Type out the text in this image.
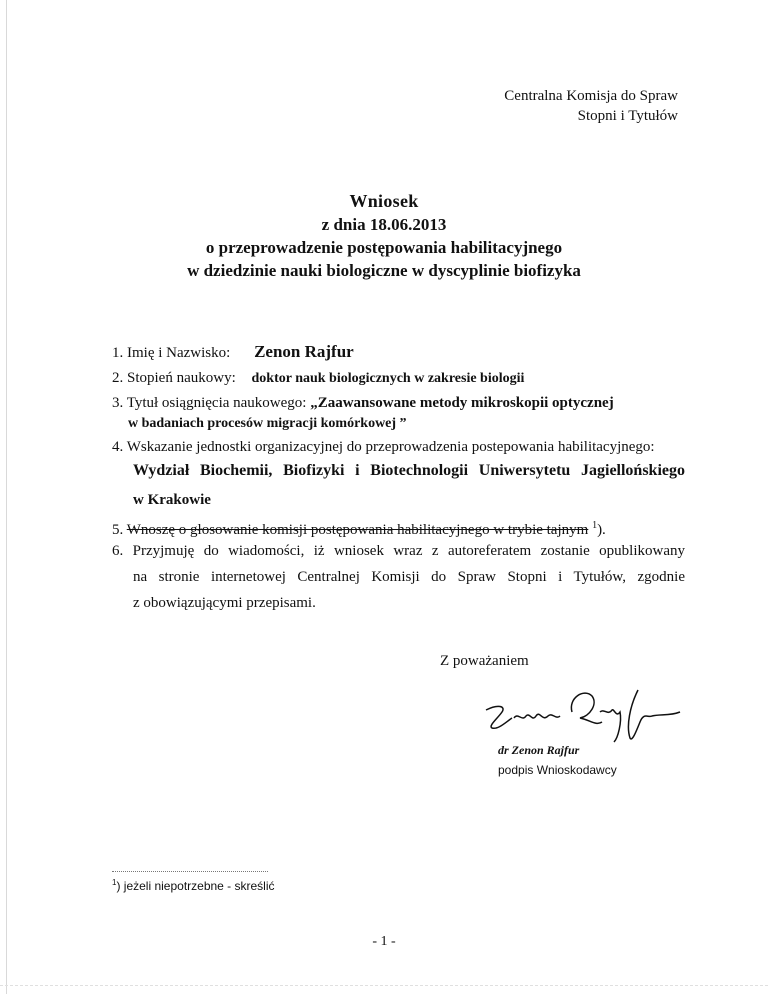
Centralna Komisja do Spraw
Stopni i Tytułów
Wniosek
z dnia 18.06.2013
o przeprowadzenie postępowania habilitacyjnego
w dziedzinie nauki biologiczne w dyscyplinie biofizyka
1. Imię i Nazwisko: Zenon Rajfur
2. Stopień naukowy: doktor nauk biologicznych w zakresie biologii
3. Tytuł osiągnięcia naukowego: „Zaawansowane metody mikroskopii optycznej
w badaniach procesów migracji komórkowej ”
4. Wskazanie jednostki organizacyjnej do przeprowadzenia postepowania habilitacyjnego:
Wydział Biochemii, Biofizyki i Biotechnologii Uniwersytetu Jagiellońskiego
w Krakowie
5. Wnoszę o głosowanie komisji postępowania habilitacyjnego w trybie tajnym $^1$).
6. Przyjmuję do wiadomości, iż wniosek wraz z autoreferatem zostanie opublikowany
na stronie internetowej Centralnej Komisji do Spraw Stopni i Tytułów, zgodnie
z obowiązującymi przepisami.
Z poważaniem
dr Zenon Rajfur
podpis Wnioskodawcy
$^1$) jeżeli niepotrzebne - skreślić
- 1 -
